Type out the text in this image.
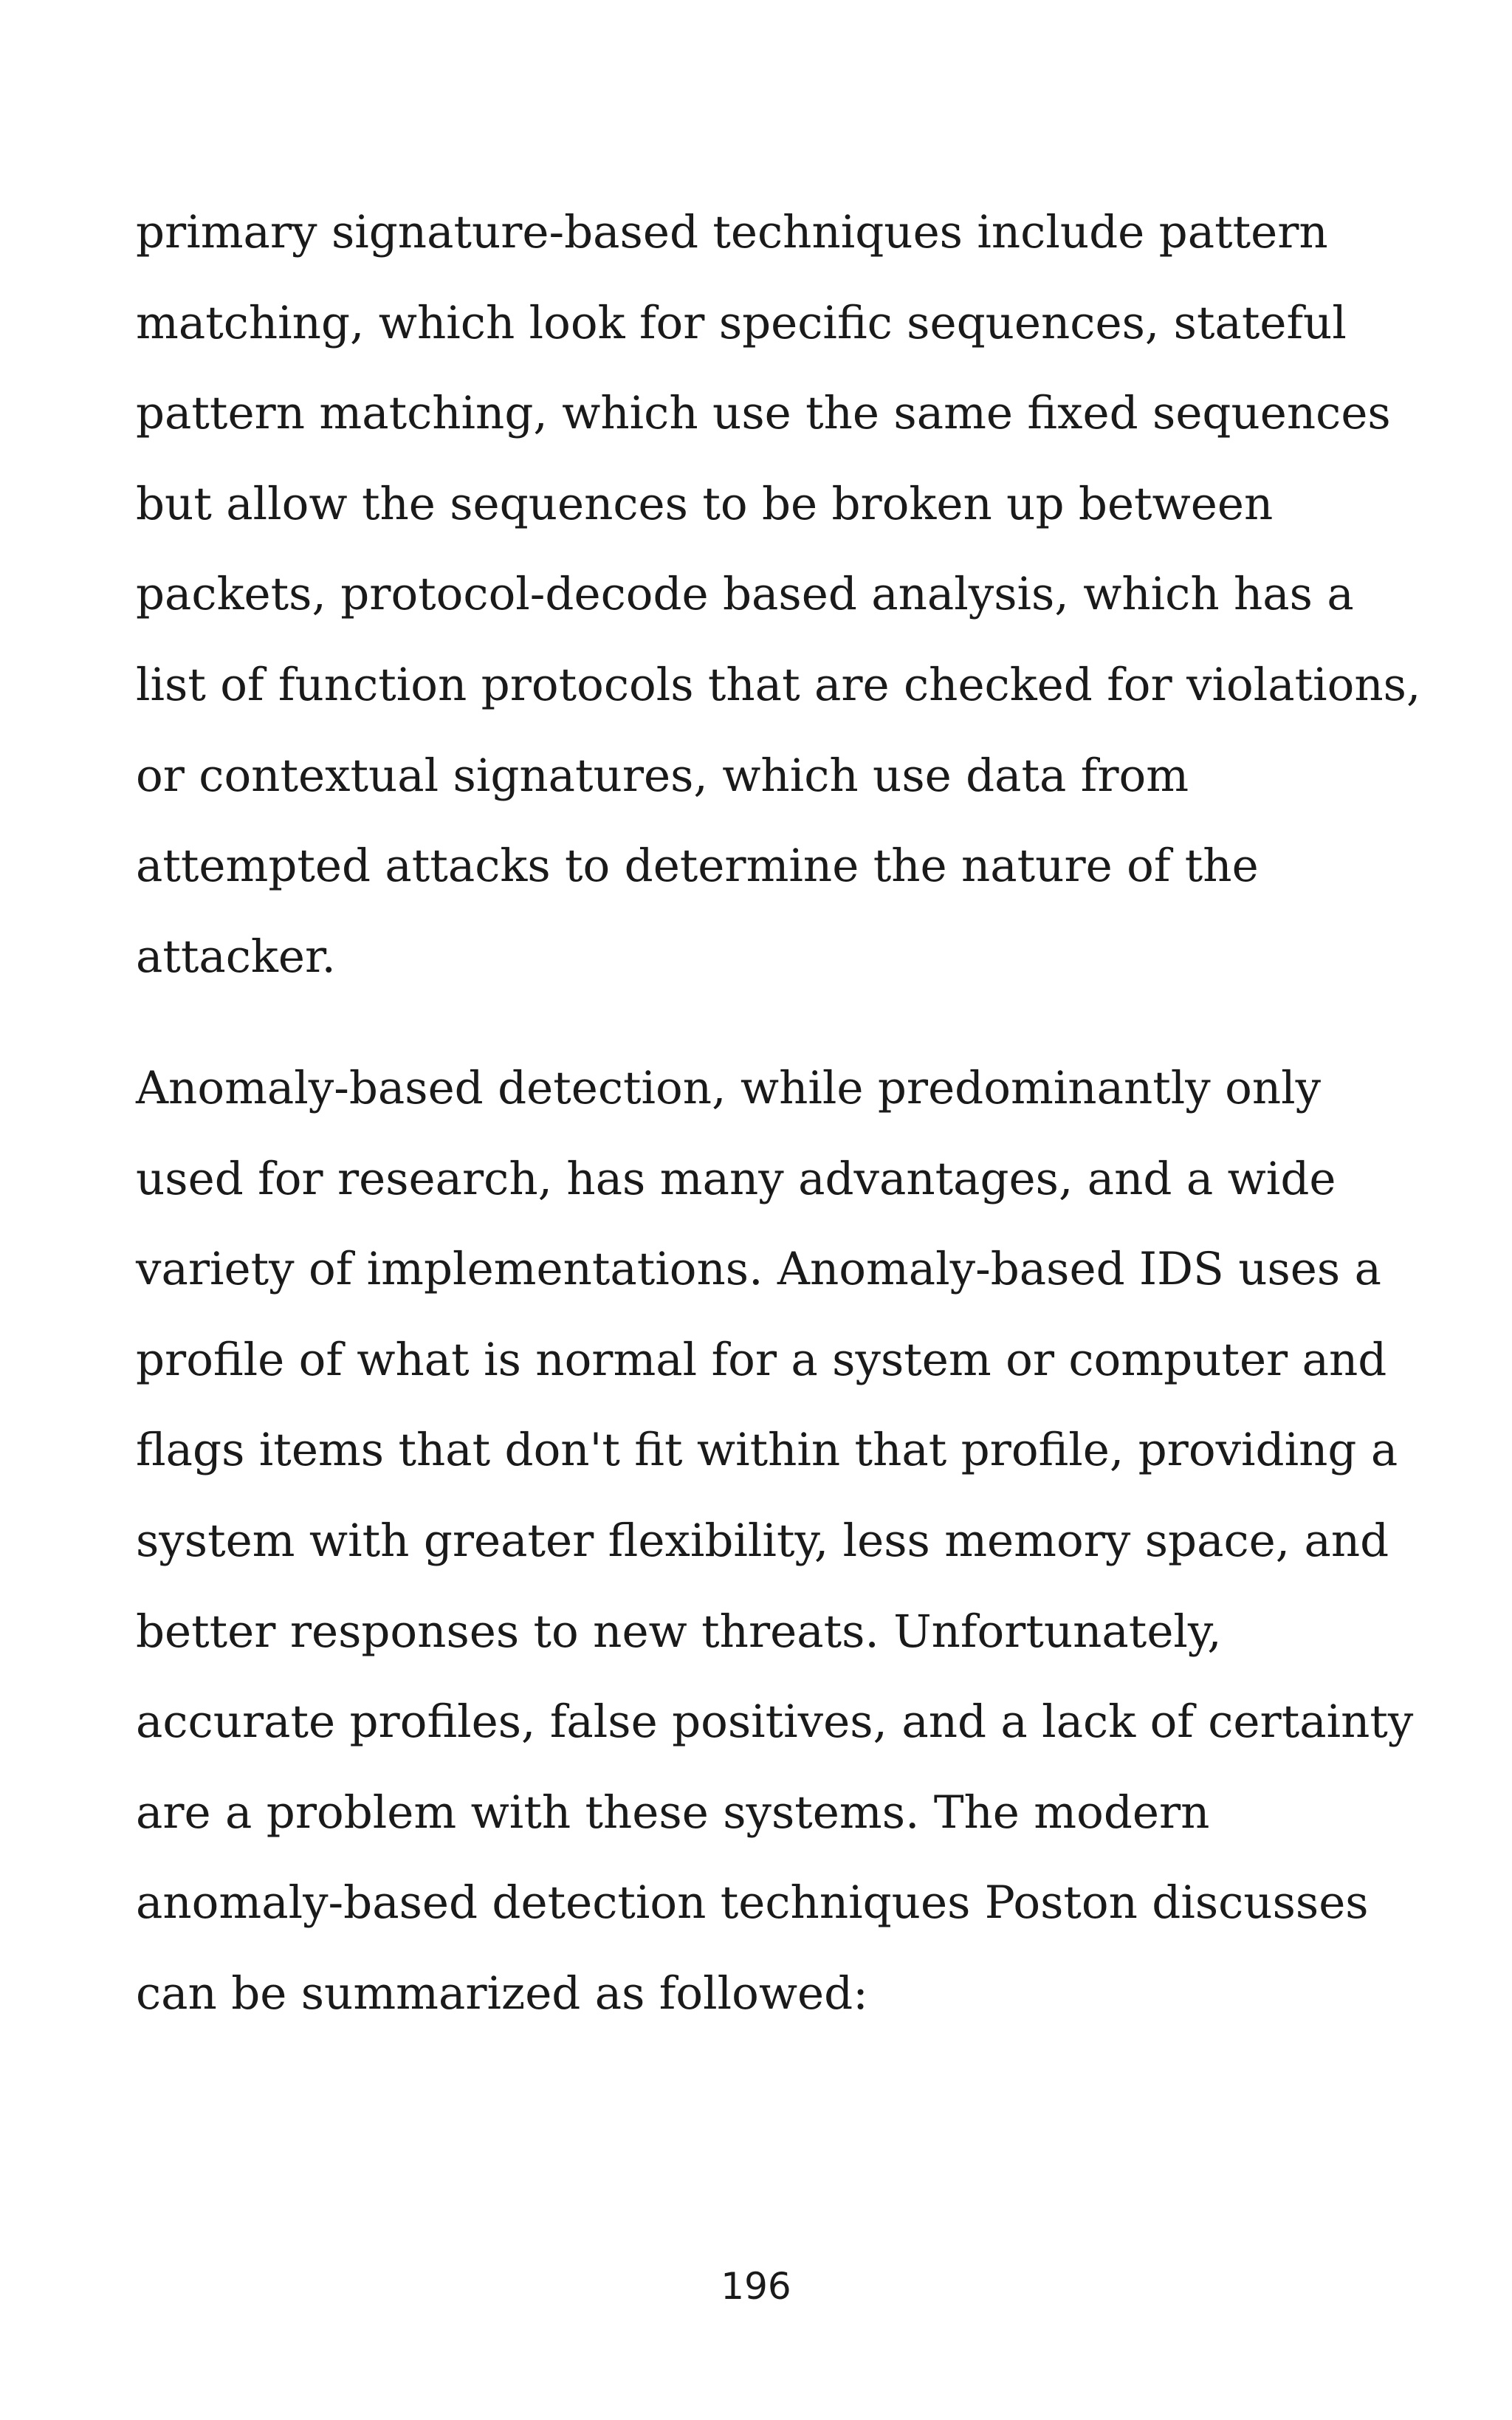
primary signature-based techniques include pattern
matching, which look for specific sequences, stateful
pattern matching, which use the same fixed sequences
but allow the sequences to be broken up between
packets, protocol-decode based analysis, which has a
list of function protocols that are checked for violations,
or contextual signatures, which use data from
attempted attacks to determine the nature of the
attacker.

Anomaly-based detection, while predominantly only
used for research, has many advantages, and a wide
variety of implementations. Anomaly-based IDS uses a
profile of what is normal for a system or computer and
flags items that don't fit within that profile, providing a
system with greater flexibility, less memory space, and
better responses to new threats. Unfortunately,
accurate profiles, false positives, and a lack of certainty
are a problem with these systems. The modern
anomaly-based detection techniques Poston discusses
can be summarized as followed:

196
